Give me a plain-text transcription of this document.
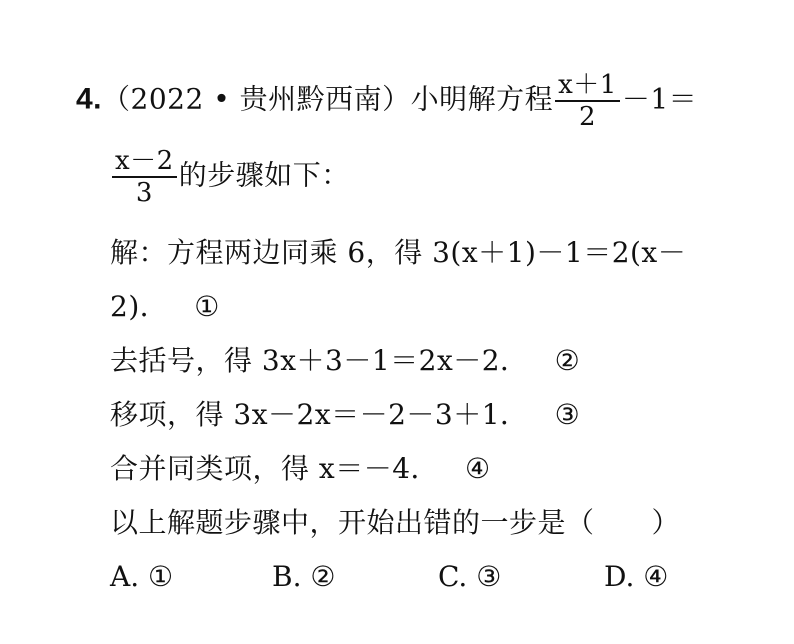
4.（2022 • 贵州黔西南）小明解方程 $\frac{x+1}{2} -1=$
$\frac{x-2}{3}$ 的步骤如下：
解：方程两边同乘 6，得 3(x＋1)－1＝2(x－
2)． ①
去括号，得 3x＋3－1＝2x－2． ②
移项，得 3x－2x＝－2－3＋1． ③
合并同类项，得 x＝－4． ④
以上解题步骤中，开始出错的一步是（　　）
A. ①	B. ②	C. ③	D. ④
